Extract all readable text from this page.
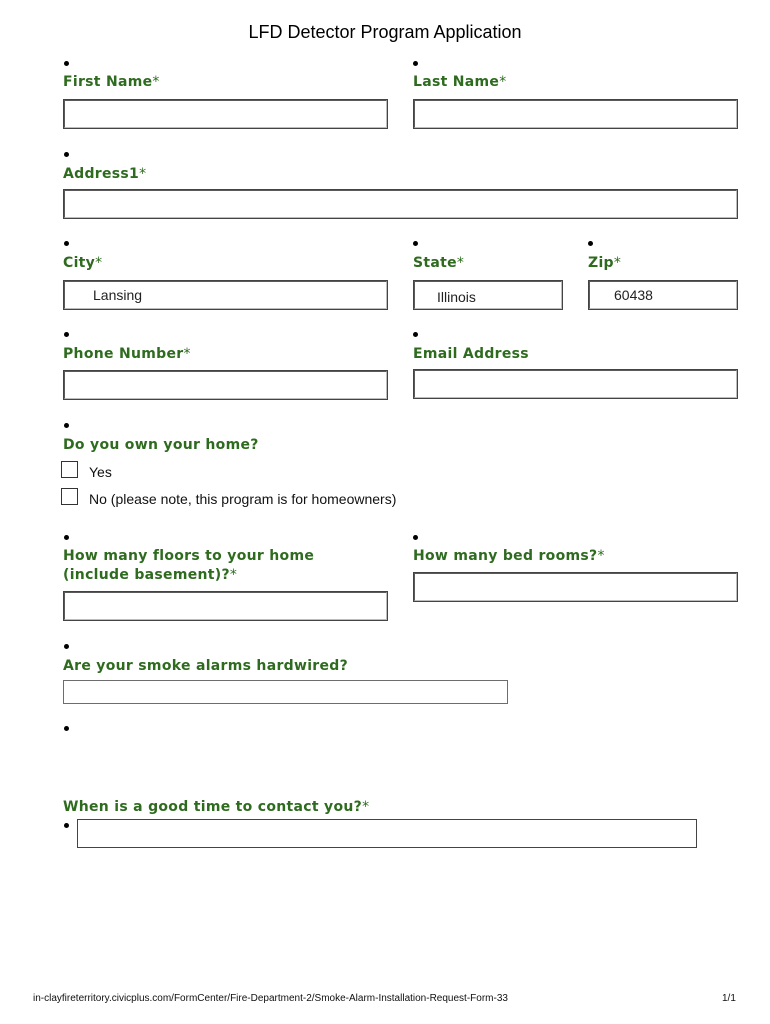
LFD Detector Program Application
First Name*	Last Name*
Address1*
City*
Lansing
State*
Illinois
Zip*
60438
Phone Number*	Email Address
Do you own your home?
Yes
No (please note, this program is for homeowners)
How many floors to your home
(include basement)?*
How many bed rooms?*
Are your smoke alarms hardwired?
When is a good time to contact you?*
in-clayfireterritory.civicplus.com/FormCenter/Fire-Department-2/Smoke-Alarm-Installation-Request-Form-33	1/1
